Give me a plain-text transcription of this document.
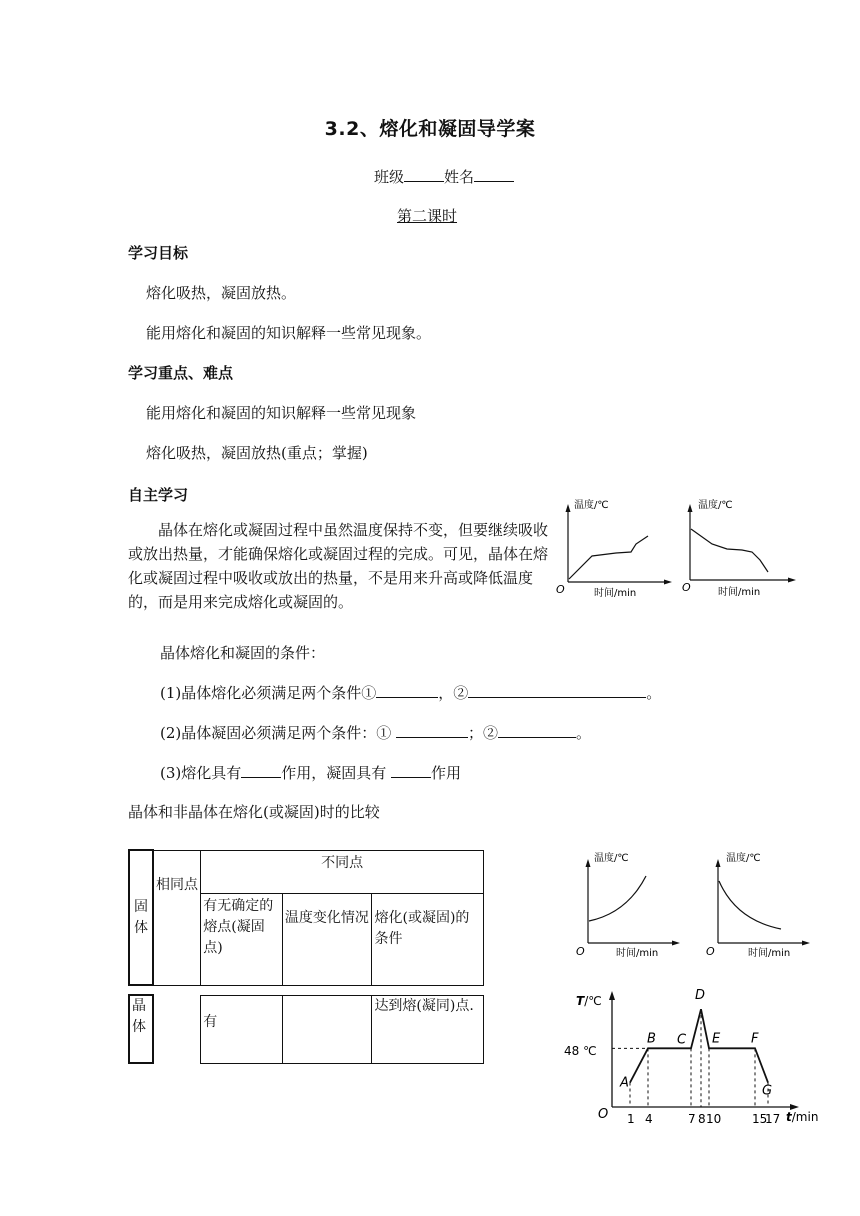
3.2、熔化和凝固导学案
班级	姓名
第二课时
学习目标
熔化吸热，凝固放热。
能用熔化和凝固的知识解释一些常见现象。
学习重点、难点
能用熔化和凝固的知识解释一些常见现象
熔化吸热，凝固放热(重点；掌握)
自主学习
晶体在熔化或凝固过程中虽然温度保持不变，但要继续吸收或放出热量，才能确保熔化或凝固过程的完成。可见，晶体在熔化或凝固过程中吸收或放出的热量，不是用来升高或降低温度的，而是用来完成熔化或凝固的。
温度/℃
O	时间/min
温度/℃
O	时间/min
晶体熔化和凝固的条件：
(1)晶体熔化必须满足两个条件①	，②	。
(2)晶体凝固必须满足两个条件：①	；②	。
(3)熔化具有	作用，凝固具有	作用
晶体和非晶体在熔化(或凝固)时的比较
固体	相同点	不同点		
		有无确定的熔点(凝固点)	温度变化情况	熔化(或凝固)的条件
晶体		有		达到熔(凝同)点.
温度/℃
O	时间/min
温度/℃
O	时间/min
T/℃
t/min
O
48 ℃
A
B C
D
E F
G
1 4	7 8 10	15
17
